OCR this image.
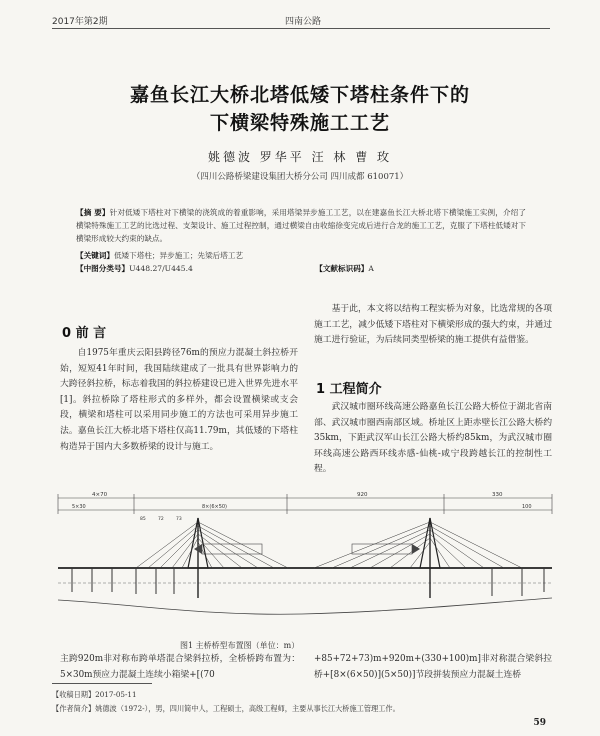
2017年第2期	四南公路
嘉鱼长江大桥北塔低矮下塔柱条件下的
下横梁特殊施工工艺
姚德波 罗华平 汪 林 曹 玫
（四川公路桥梁建设集团大桥分公司 四川成都 610071）
【摘 要】针对低矮下塔柱对下横梁的浇筑成的着重影响，采用塔梁异步施工工艺，以在建嘉鱼长江大桥北塔下横梁施工实例，介绍了横梁特殊施工工艺的比选过程、支架设计、施工过程控制，通过横梁自由收缩徐变完成后进行合龙的施工工艺，克服了下塔柱低矮对下横梁形成较大约束的缺点。
【关键词】低矮下塔柱；异步施工；先梁后塔工艺
【中图分类号】U448.27/U445.4	【文献标识码】A
0 前 言
自1975年重庆云阳县跨径76m的预应力混凝土斜拉桥开始，短短41年时间，我国陆续建成了一批具有世界影响力的大跨径斜拉桥，标志着我国的斜拉桥建设已进入世界先进水平[1]。斜拉桥除了塔柱形式的多样外，都会设置横梁或支会段，横梁和塔柱可以采用同步施工的方法也可采用异步施工法。嘉鱼长江大桥北塔下塔柱仅高11.79m，其低矮的下塔柱构造异于国内大多数桥梁的设计与施工。
基于此，本文将以结构工程实桥为对象，比选常规的各项施工工艺，减少低矮下塔柱对下横梁形成的强大约束，并通过施工进行验证，为后续同类型桥梁的施工提供有益借鉴。
1 工程简介
武汉城市圈环线高速公路嘉鱼长江公路大桥位于湖北省南部、武汉城市圈西南部区域。桥址区上距赤壁长江公路大桥约35km，下距武汉军山长江公路大桥约85km，为武汉城市圈环线高速公路西环线赤感-仙桃-咸宁段跨越长江的控制性工程。
4×70	920	330
5×30	8×(6×50)
85	72	73
100
图1 主桥桥型布置图（单位：m）
主跨920m非对称布跨单塔混合梁斜拉桥，全桥桥跨布置为：5×30m预应力混凝土连续小箱梁+[(70
+85+72+73)m+920m+(330+100)m]非对称混合梁斜拉桥+[8×(6×50)](5×50)]节段拼装预应力混凝土连桥
【收稿日期】2017-05-11
【作者简介】姚德波（1972-），男，四川简中人，工程硕士，高级工程师，主要从事长江大桥施工管理工作。
59
